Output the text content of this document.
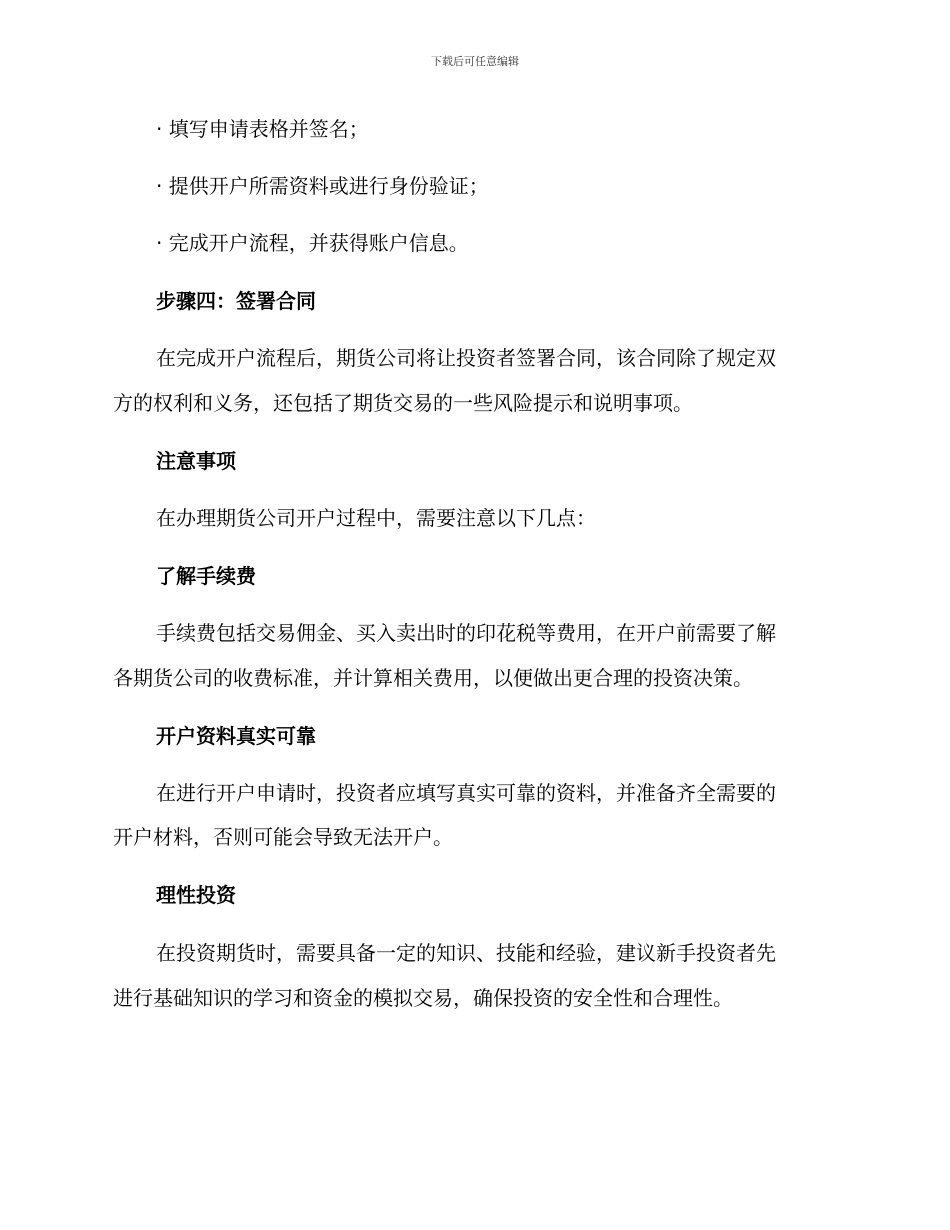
下载后可任意编辑
· 填写申请表格并签名；
· 提供开户所需资料或进行身份验证；
· 完成开户流程，并获得账户信息。
步骤四：签署合同
在完成开户流程后，期货公司将让投资者签署合同，该合同除了规定双
方的权利和义务，还包括了期货交易的一些风险提示和说明事项。
注意事项
在办理期货公司开户过程中，需要注意以下几点：
了解手续费
手续费包括交易佣金、买入卖出时的印花税等费用，在开户前需要了解
各期货公司的收费标准，并计算相关费用，以便做出更合理的投资决策。
开户资料真实可靠
在进行开户申请时，投资者应填写真实可靠的资料，并准备齐全需要的
开户材料，否则可能会导致无法开户。
理性投资
在投资期货时，需要具备一定的知识、技能和经验，建议新手投资者先
进行基础知识的学习和资金的模拟交易，确保投资的安全性和合理性。
